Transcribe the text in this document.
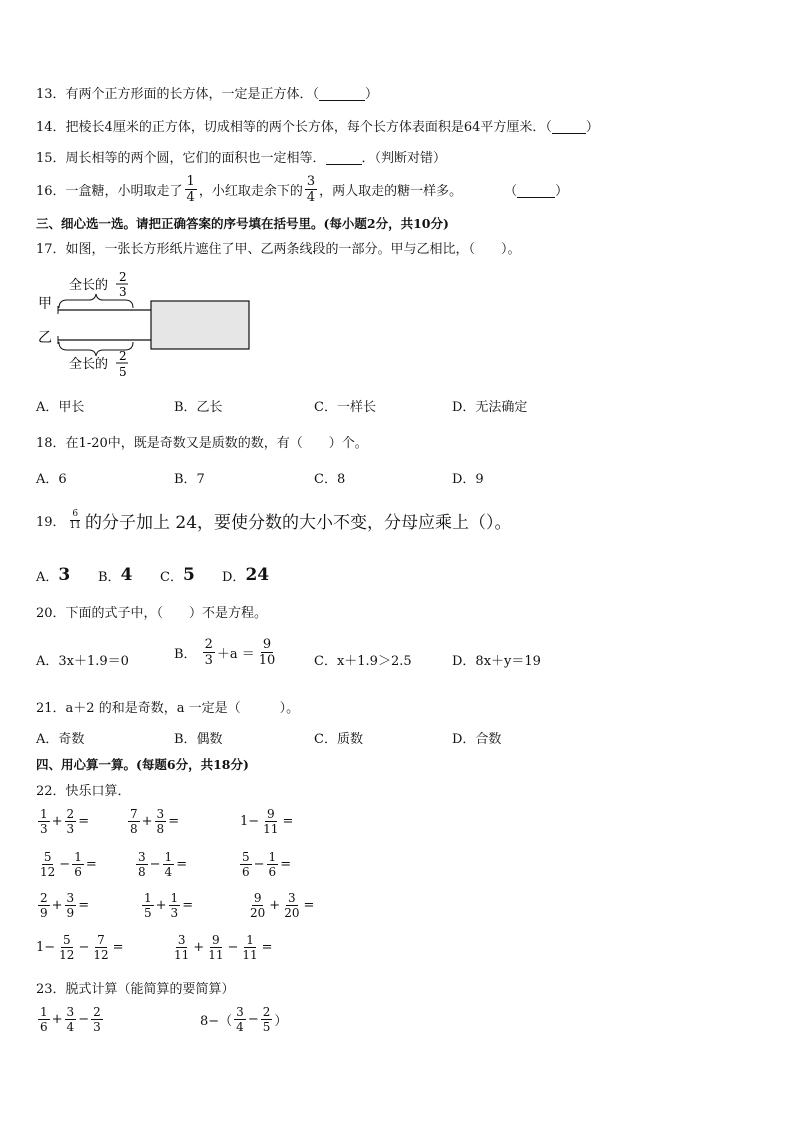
13．有两个正方形面的长方体，一定是正方体．（
	）
14．把棱长4厘米的正方体，切成相等的两个长方体，每个长方体表面积是64平方厘米．（
	）
15．周长相等的两个圆，它们的面积也一定相等．
	．（判断对错）
16．一盒糖，小明取走了 $\frac{1}{4}$ ，小红取走余下的 $\frac{3}{4}$ ，两人取走的糖一样多。	（
	）
三、细心选一选。请把正确答案的序号填在括号里。(每小题2分，共10分)
17．如图，一张长方形纸片遮住了甲、乙两条线段的一部分。甲与乙相比，（　　）。
全长的
2
3
甲
乙
全长的
2
5
A．甲长	B．乙长	C．一样长	D．无法确定
18．在1-20中，既是奇数又是质数的数，有（　　）个。
A．6	B．7	C．8	D．9
19． $\frac{6}{11}$ 的分子加上 24，要使分数的大小不变，分母应乘上（）。
A． 3 B． 4 C． 5 D． 24
20．下面的式子中，（　　）不是方程。
A．3x＋1.9＝0	B． $\frac{2}{3} +a = \frac{9}{10}$	C．x＋1.9＞2.5	D．8x＋y＝19
21．a＋2 的和是奇数，a 一定是（　　　）。
A．奇数	B．偶数	C．质数	D．合数
四、用心算一算。(每题6分，共18分)
22．快乐口算．
$\frac{1}{3} + \frac{2}{3}$ =	$\frac{7}{8} + \frac{3}{8}$ =	$1- \frac{9}{11}$ =
$\frac{5}{12} - \frac{1}{6}$ =	$\frac{3}{8} - \frac{1}{4}$ =	$\frac{5}{6} - \frac{1}{6}$ =
$\frac{2}{9} + \frac{3}{9}$ =	$\frac{1}{5} + \frac{1}{3}$ =	$\frac{9}{20} + \frac{3}{20}$ =
$1- \frac{5}{12} - \frac{7}{12}$ =	$\frac{3}{11} + \frac{9}{11} - \frac{1}{11}$ =
23．脱式计算（能简算的要简算）
$\frac{1}{6} + \frac{3}{4} - \frac{2}{3}$	$8-( \frac{3}{4} - \frac{2}{5}$ ）
